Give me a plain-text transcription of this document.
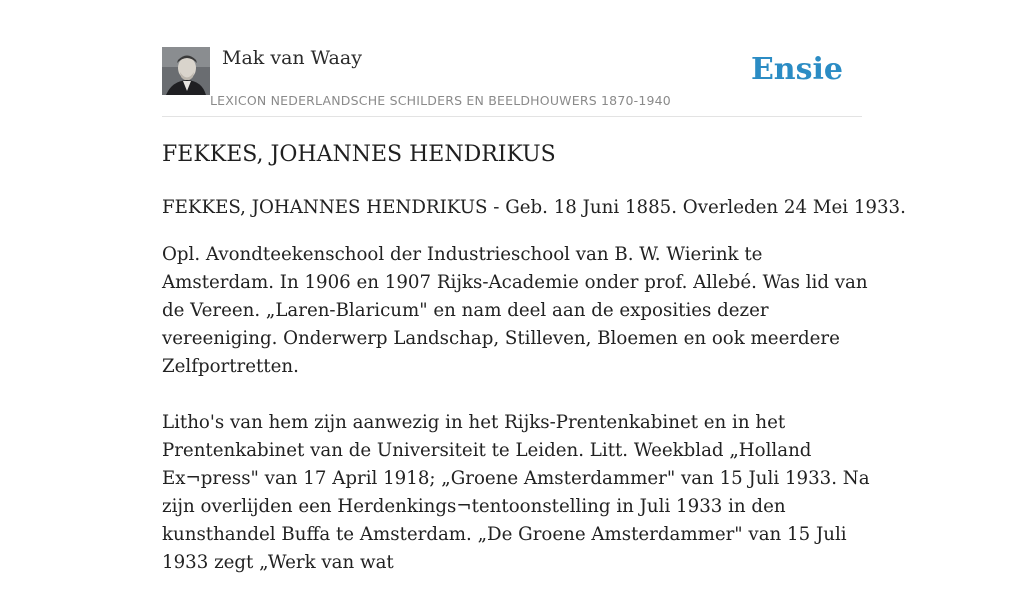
Mak van Waay
LEXICON NEDERLANDSCHE SCHILDERS EN BEELDHOUWERS 1870-1940
Ensie
FEKKES, JOHANNES HENDRIKUS

FEKKES, JOHANNES HENDRIKUS - Geb. 18 Juni 1885. Overleden 24 Mei 1933.

Opl. Avondteekenschool der Industrieschool van B. W. Wierink te Amsterdam. In 1906 en 1907 Rijks-Academie onder prof. Allebé. Was lid van de Vereen. „Laren-Blaricum" en nam deel aan de exposities dezer vereeniging. Onderwerp Landschap, Stilleven, Bloemen en ook meerdere Zelfportretten.

Litho's van hem zijn aanwezig in het Rijks-Prentenkabinet en in het Prentenkabinet van de Universiteit te Leiden. Litt. Weekblad „Holland Ex¬press" van 17 April 1918; „Groene Amsterdammer" van 15 Juli 1933. Na zijn overlijden een Herdenkings¬tentoonstelling in Juli 1933 in den kunsthandel Buffa te Amsterdam. „De Groene Amsterdammer" van 15 Juli 1933 zegt „Werk van wat
